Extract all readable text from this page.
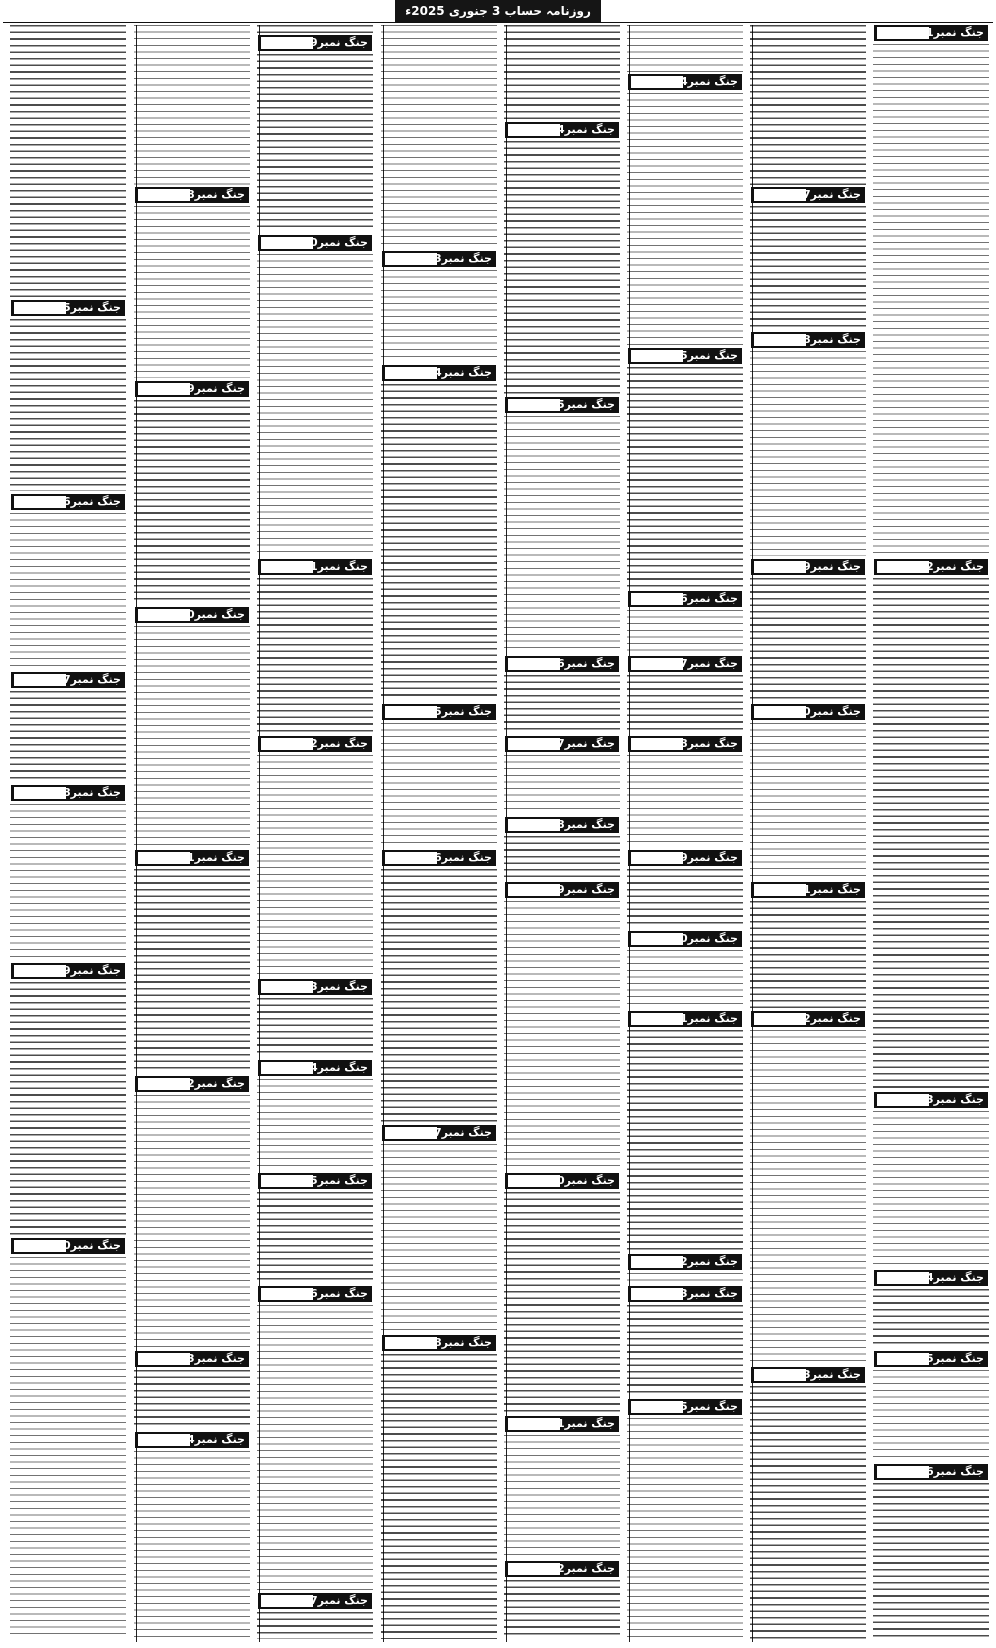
روزنامہ حساب 3 جنوری 2025ء
جنگ نمبر1/
جنگ نمبر2/
جنگ نمبر3/
جنگ نمبر4/
جنگ نمبر5/
جنگ نمبر6/
جنگ نمبر7
جنگ نمبر8
جنگ نمبر9
جنگ نمبر10
جنگ نمبر11
جنگ نمبر12
جنگ نمبر13
جنگ نمبر14
جنگ نمبر15
جنگ نمبر16
جنگ نمبر17
جنگ نمبر18
جنگ نمبر19
جنگ نمبر20
جنگ نمبر21
جنگ نمبر22
جنگ نمبر23
جنگ نمبر25
جنگ نمبر24
جنگ نمبر25
جنگ نمبر26
جنگ نمبر27
جنگ نمبر28
جنگ نمبر29
جنگ نمبر30
جنگ نمبر31
جنگ نمبر32
جنگ نمبر33
جنگ نمبر34
جنگ نمبر35
جنگ نمبر36
جنگ نمبر37
جنگ نمبر38
جنگ نمبر39
جنگ نمبر40
جنگ نمبر41
جنگ نمبر42
جنگ نمبر43
جنگ نمبر44
جنگ نمبر45
جنگ نمبر46
جنگ نمبر47
جنگ نمبر48
جنگ نمبر49
جنگ نمبر50
جنگ نمبر51
جنگ نمبر52
جنگ نمبر53
جنگ نمبر54
جنگ نمبر55
جنگ نمبر56
جنگ نمبر57
جنگ نمبر58
جنگ نمبر59
جنگ نمبر60
